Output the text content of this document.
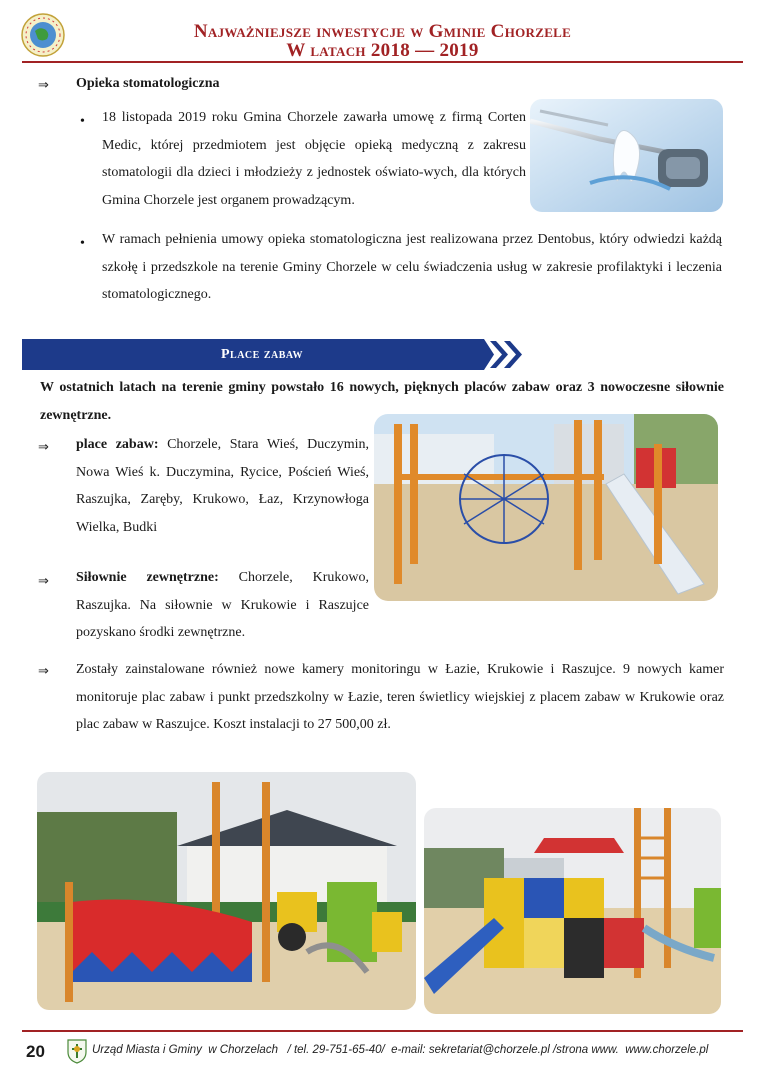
Najważniejsze inwestycje w Gminie Chorzele
W latach 2018 — 2019
⇒ Opieka stomatologiczna
• 18 listopada 2019 roku Gmina Chorzele zawarła umowę z firmą Corten Medic, której przedmiotem jest objęcie opieką medyczną z zakresu stomatologii dla dzieci i młodzieży z jednostek oświato-wych, dla których Gmina Chorzele jest organem prowadzącym.
• W ramach pełnienia umowy opieka stomatologiczna jest realizowana przez Dentobus, który odwiedzi każdą szkołę i przedszkole na terenie Gminy Chorzele w celu świadczenia usług w zakresie profilaktyki i leczenia stomatologicznego.
Place zabaw
W ostatnich latach na terenie gminy powstało 16 nowych, pięknych placów zabaw oraz 3 nowoczesne siłownie zewnętrzne.
⇒ place zabaw: Chorzele, Stara Wieś, Duczymin, Nowa Wieś k. Duczymina, Rycice, Poścień Wieś, Raszujka, Zaręby, Krukowo, Łaz, Krzynowłoga Wielka, Budki
⇒ Siłownie zewnętrzne: Chorzele, Krukowo, Raszujka. Na siłownie w Krukowie i Raszujce pozyskano środki zewnętrzne.
⇒ Zostały zainstalowane również nowe kamery monitoringu w Łazie, Krukowie i Raszujce. 9 nowych kamer monitoruje plac zabaw i punkt przedszkolny w Łazie, teren świetlicy wiejskiej z placem zabaw w Krukowie oraz plac zabaw w Raszujce. Koszt instalacji to 27 500,00 zł.
20	Urząd Miasta i Gminy  w Chorzelach   / tel. 29-751-65-40/  e-mail: sekretariat@chorzele.pl /strona www.  www.chorzele.pl
